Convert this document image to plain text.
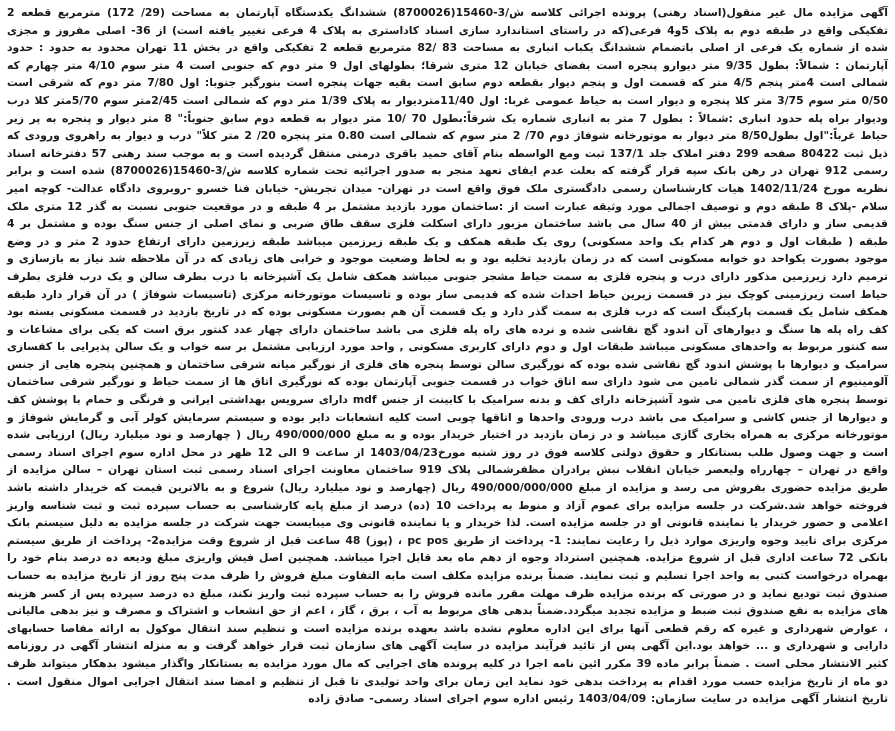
آگهی مزایده مال غیر منقول(اسناد رهنی) پرونده اجرائی کلاسه ش/3-15460(8700026) ششدانگ یکدستگاه آپارتمان به مساحت (29/ 172) مترمربع قطعه 2 تفکیکی واقع در طبقه دوم به پلاک 5و4 فرعی(که در راستای استاندارد سازی اسناد کاداستری به پلاک 4 فرعی تغییر یافته است) از 36- اصلی مفروز و مجزی شده از شماره یک فرعی از اصلی باتضمام ششدانگ یکباب انباری به مساحت 83 /82 مترمربع قطعه 2 تفکیکی واقع در بخش 11 تهران محدود به حدود : حدود آپارتمان : شمالاً: بطول 9/35 متر دیوارو پنجره است بفضای خیابان 12 متری شرقا؛ بطولهای اول 9 متر دوم که جنوبی است 4 متر سوم 4/10 متر چهارم که شمالی است 4متر پنجم 4/5 متر که قسمت اول و پنجم دیوار بقطعه دوم سابق است بقیه جهات پنجره است بنورگیر جنوبا: اول 7/80 متر دوم که شرقی است 0/50 متر سوم 3/75 متر کلا پنجره و دیوار است به حیاط عمومی غربا: اول 11/40مترديوار به پلاک 1/39 متر دوم که شمالی است 2/45متر سوم 5/70متر کلا درب ودیوار براه پله حدود انباری :شمالاً : بطول 7 متر به انباری شماره یک شرقاً:بطول 70 /10 متر دیوار به قطعه دوم سابق جنوباً:" 8 متر دیوار و پنجره به پر زیر حیاط غرباً:"اول بطول8/50 متر دیوار به موتورخانه شوفاژ دوم 70/ 2 متر سوم که شمالی است 0.80 متر پنجره 20/ 2 متر کلاً" درب و دیوار به راهروی ورودی که ذیل ثبت 80422 صفحه 299 دفتر املاک جلد 137/1 ثبت ومع الواسطه بنام آقای حمید باقری درمنی منتقل گردیده است و به موجب سند رهنی 57 دفترخانه اسناد رسمی 912 تهران در رهن بانک سپه قرار گرفته که بعلت عدم ایفای تعهد منجر به صدور اجرائیه تحت شماره کلاسه ش/3-15460(8700026) شده است و برابر نظریه مورخ 1402/11/24 هیات کارشناسان رسمی دادگستری ملک فوق واقع است در تهران- میدان تجریش- خیابان فنا خسرو -روبروی دادگاه عدالت- کوچه امیر سلام -پلاک 8 طبقه دوم و توصیف اجمالی مورد وثیقه عبارت است از :ساختمان مورد بازدید مشتمل بر 4 طبقه و در موقعیت جنوبی نسبت به گذر 12 متری ملک قدیمی ساز و دارای قدمتی بیش از 40 سال می باشد ساختمان مزبور دارای اسکلت فلزی سقف طاق ضربی و نمای اصلی از جنس سنگ بوده و مشتمل بر 4 طبقه ( طبقات اول و دوم هر کدام یک واحد مسکونی) روی یک طبقه همکف و یک طبقه زیرزمین میباشد طبقه زیرزمین دارای ارتفاع حدود 2 متر و در وضع موجود بصورت یکواحد دو خوابه مسکونی است که در زمان بازدید تخلیه بود و به لحاظ وضعیت موجود و خرابی های زیادی که در آن ملاحظه شد نیاز به بازسازی و ترمیم دارد زیرزمین مذکور دارای درب و پنجره فلزی به سمت حیاط مشجر جنوبی میباشد همکف شامل یک آشپزخانه با درب بطرف سالن و یک درب فلزی بطرف حیاط است زیرزمینی کوچک نیز در قسمت زیرین حیاط احداث شده که قدیمی ساز بوده و تاسیسات موتورخانه مرکزی (تاسیسات شوفاژ ) در آن قرار دارد طبقه همکف شامل یک قسمت پارکینگ است که درب فلزی به سمت گذر دارد و یک قسمت آن هم بصورت مسکونی بوده که در تاریخ بازدید در قسمت مسکونی بسته بود کف راه پله ها سنگ و دیوارهای آن اندود گچ نقاشی شده و نرده های راه پله فلزی می باشد ساختمان دارای چهار عدد کنتور برق است که یکی برای مشاعات و سه کنتور مربوط به واحدهای مسکونی میباشد طبقات اول و دوم دارای کاربری مسکونی , واحد مورد ارزیابی مشتمل بر سه خواب و یک سالن پذیرایی با کفسازی سرامیک و دیوارها با پوشش اندود گچ نقاشی شده بوده که نورگیری سالن توسط پنجره های فلزی از نورگیر میانه شرقی ساختمان و همچنین پنجره هایی از جنس آلومینیوم از سمت گذر شمالی تامین می شود دارای سه اتاق خواب در قسمت جنوبی آپارتمان بوده که نورگیری اتاق ها از سمت حیاط و نورگیر شرقی ساختمان توسط پنجره های فلزی تامین می شود آشپزخانه دارای کف و بدنه سرامیک با کابینت از جنس mdf دارای سرویس بهداشتی ایرانی و فرنگی و حمام با پوشش کف و دیوارها از جنس کاشی و سرامیک می باشد درب ورودی واحدها و اتاقها چوبی است کلیه انشعابات دایر بوده و سیستم سرمایش کولر آبی و گرمایش شوفاژ و موتورخانه مرکزی به همراه بخاری گازی میباشد و در زمان بازدید در اختیار خریدار بوده و به مبلغ 490/000/000 ریال ( چهارصد و نود میلیارد ریال) ارزیابی شده است و جهت وصول طلب بستانکار و حقوق دولتی کلاسه فوق در روز شنبه مورخ1403/04/23 از ساعت 9 الی 12 ظهر در محل اداره سوم اجرای اسناد رسمی واقع در تهران – چهارراه ولیعصر خیابان انقلاب نبش برادران مظفرشمالی پلاک 919 ساختمان معاونت اجرای اسناد رسمی ثبت استان تهران – سالن مزایده از طریق مزایده حضوری بفروش می رسد و مزایده از مبلغ 490/000/000/000 ریال (چهارصد و نود میلیارد ریال) شروع و به بالاترین قیمت که خریدار داشته باشد فروخته خواهد شد.شرکت در جلسه مزایده برای عموم آزاد و منوط به پرداخت 10 (ده) درصد از مبلغ پایه کارشناسی به حساب سپرده ثبت و ثبت شناسه واریز اعلامی و حضور خریدار یا نماینده قانونی او در جلسه مزایده است. لذا خریدار و یا نماینده قانونی وی میبایست جهت شرکت در جلسه مزایده به دلیل سیستم بانک مرکزی برای تایید وجوه واریزی موارد ذیل را رعایت نمایند: 1- پرداخت از طریق pc pos ، (پوز) 48 ساعت قبل از شروع وقت مزایده2- پرداخت از طریق سیستم بانکی 72 ساعت اداری قبل از شروع مزایده. همچنین استرداد وجوه از دهم ماه بعد قابل اجرا میباشد. همچنین اصل فیش واریزی مبلغ ودیعه ده درصد بنام خود را بهمراه درخواست کتبی به واحد اجرا تسلیم و ثبت نمایند. ضمناً برنده مزایده مکلف است مابه التفاوت مبلغ فروش را ظرف مدت پنج روز از تاریخ مزایده به حساب صندوق ثبت تودیع نماید و در صورتی که برنده مزایده ظرف مهلت مقرر مانده فروش را به حساب سپرده ثبت واریز نکند، مبلغ ده درصد سپرده پس از کسر هزینه های مزایده به نفع صندوق ثبت ضبط و مزایده تجدید میگردد.ضمناً بدهی های مربوط به آب ، برق ، گاز ، اعم از حق انشعاب و اشتراک و مصرف و نیز بدهی مالیاتی ، عوارض شهرداری و غیره که رقم قطعی آنها برای این اداره معلوم نشده باشد بعهده برنده مزایده است و تنظیم سند انتقال موکول به ارائه مفاصا حسابهای دارایی و شهرداری و ... خواهد بود.این آگهی پس از تائید فرآیند مزایده در سایت آگهی های سازمان ثبت قرار خواهد گرفت و به منزله انتشار آگهی در روزنامه کثیر الانتشار محلی است . ضمناً برابر ماده 39 مکرر ائین نامه اجرا در کلیه پرونده های اجرایی که مال مورد مزایده به بستانکار واگذار میشود بدهکار میتواند ظرف دو ماه از تاریخ مزایده حسب مورد اقدام به پرداخت بدهی خود نماید این زمان برای واحد تولیدی تا قبل از تنظیم و امضا سند انتقال اجرایی اموال منقول است . تاریخ انتشار آگهی مزایده در سایت سازمان: 1403/04/09 رئیس اداره سوم اجرای اسناد رسمی- صادق زاده
